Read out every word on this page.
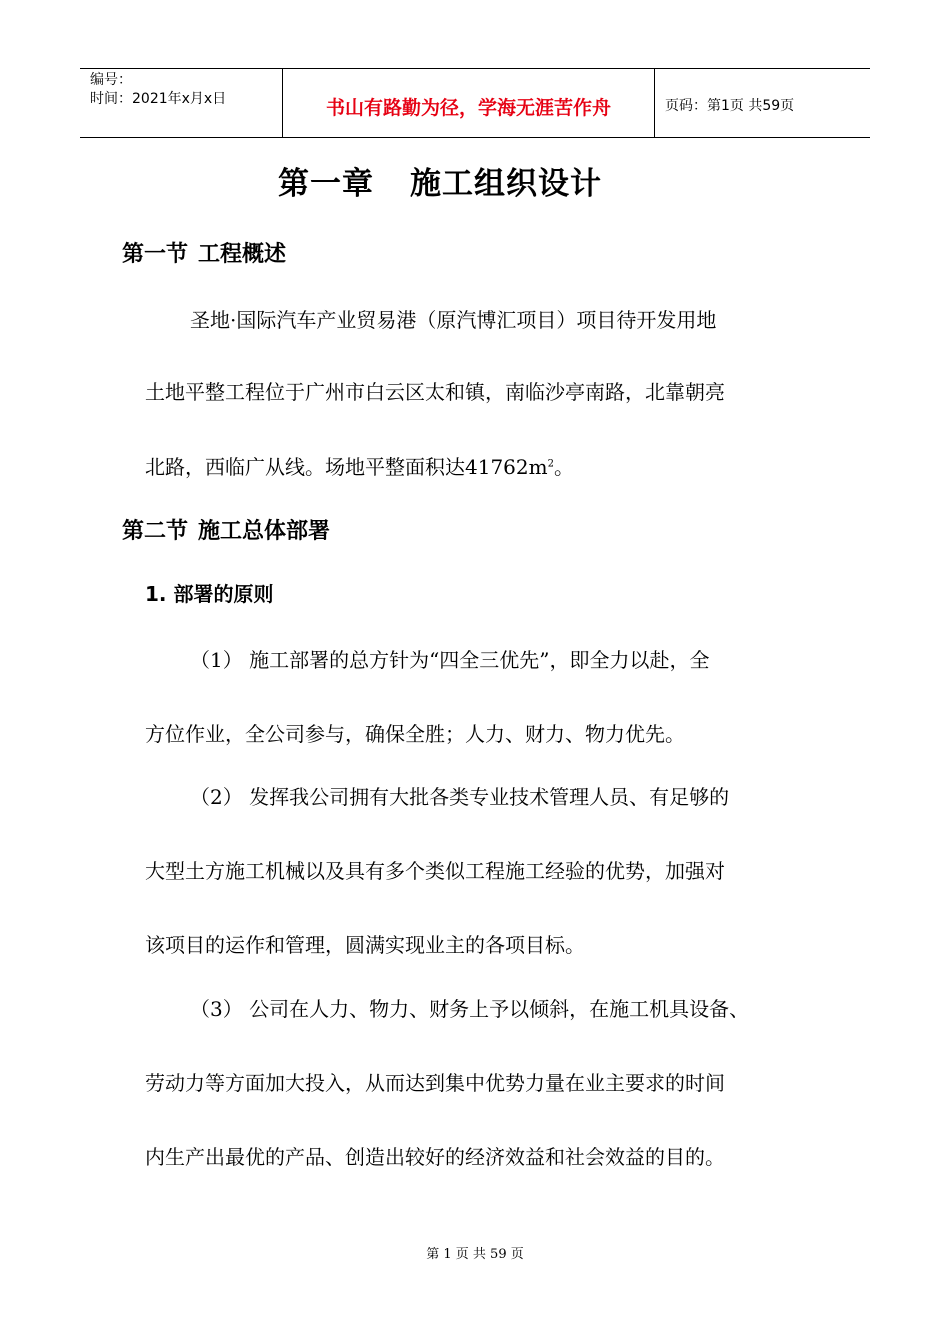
编号：
时间：2021年x月x日	书山有路勤为径，学海无涯苦作舟	页码：第1页 共59页
第一章 施工组织设计
第一节 工程概述
圣地·国际汽车产业贸易港（原汽博汇项目）项目待开发用地
土地平整工程位于广州市白云区太和镇，南临沙亭南路，北靠朝亮
北路，西临广从线。场地平整面积达$41762m^2$。
第二节 施工总体部署
1. 部署的原则
（1） 施工部署的总方针为“四全三优先”，即全力以赴，全
方位作业，全公司参与，确保全胜；人力、财力、物力优先。
（2） 发挥我公司拥有大批各类专业技术管理人员、有足够的
大型土方施工机械以及具有多个类似工程施工经验的优势，加强对
该项目的运作和管理，圆满实现业主的各项目标。
（3） 公司在人力、物力、财务上予以倾斜，在施工机具设备、
劳动力等方面加大投入，从而达到集中优势力量在业主要求的时间
内生产出最优的产品、创造出较好的经济效益和社会效益的目的。
第 1 页 共 59 页
